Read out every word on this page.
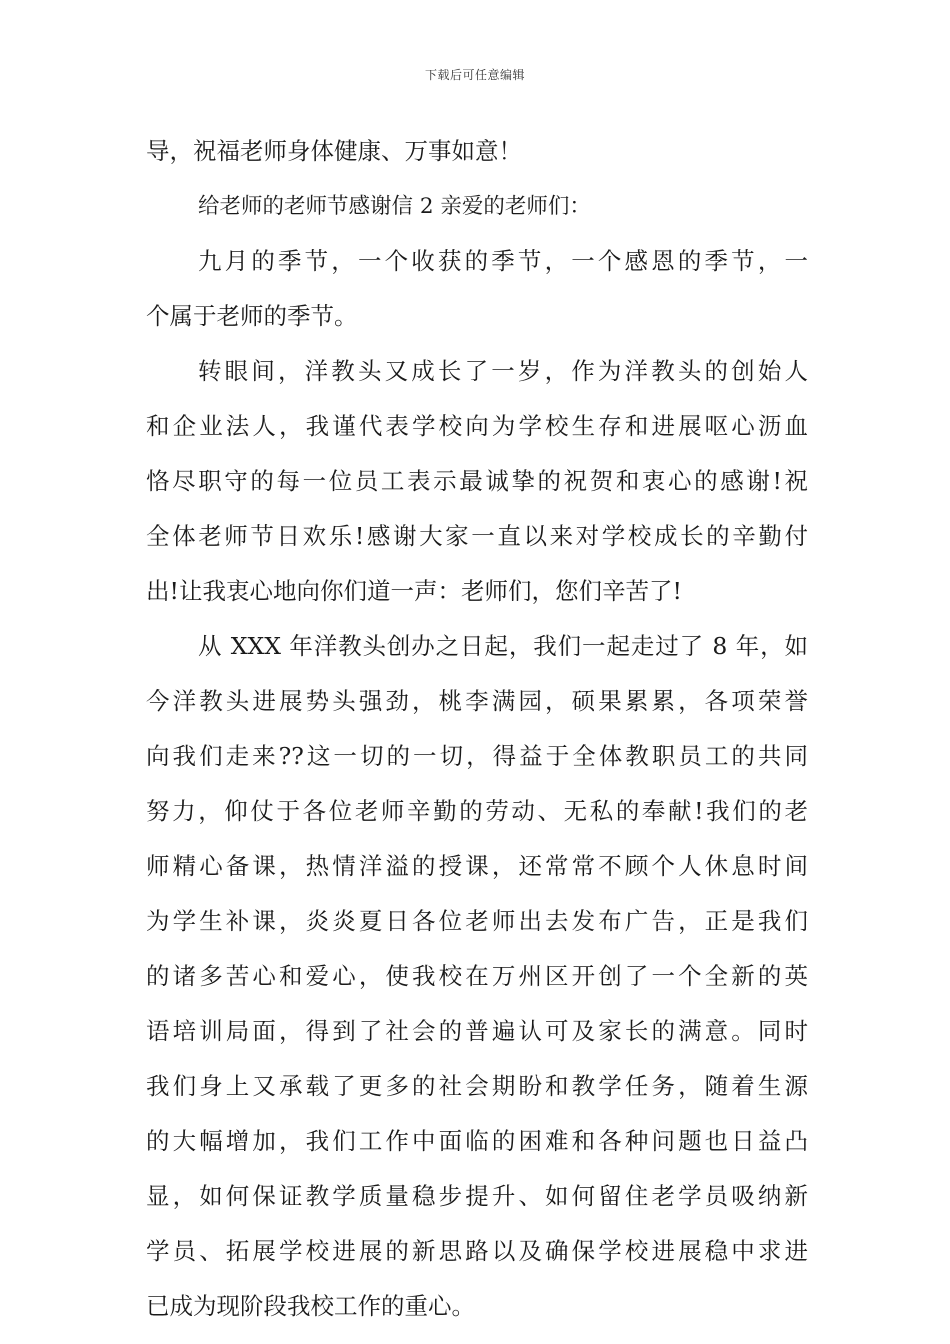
下载后可任意编辑
导，祝福老师身体健康、万事如意！
给老师的老师节感谢信 2 亲爱的老师们：
九月的季节，一个收获的季节，一个感恩的季节，一
个属于老师的季节。
转眼间，洋教头又成长了一岁，作为洋教头的创始人
和企业法人，我谨代表学校向为学校生存和进展呕心沥血
恪尽职守的每一位员工表示最诚挚的祝贺和衷心的感谢!祝
全体老师节日欢乐!感谢大家一直以来对学校成长的辛勤付
出!让我衷心地向你们道一声：老师们，您们辛苦了!
从 XXX 年洋教头创办之日起，我们一起走过了 8 年，如
今洋教头进展势头强劲，桃李满园，硕果累累，各项荣誉
向我们走来??这一切的一切，得益于全体教职员工的共同
努力，仰仗于各位老师辛勤的劳动、无私的奉献!我们的老
师精心备课，热情洋溢的授课，还常常不顾个人休息时间
为学生补课，炎炎夏日各位老师出去发布广告，正是我们
的诸多苦心和爱心，使我校在万州区开创了一个全新的英
语培训局面，得到了社会的普遍认可及家长的满意。同时
我们身上又承载了更多的社会期盼和教学任务，随着生源
的大幅增加，我们工作中面临的困难和各种问题也日益凸
显，如何保证教学质量稳步提升、如何留住老学员吸纳新
学员、拓展学校进展的新思路以及确保学校进展稳中求进
已成为现阶段我校工作的重心。
